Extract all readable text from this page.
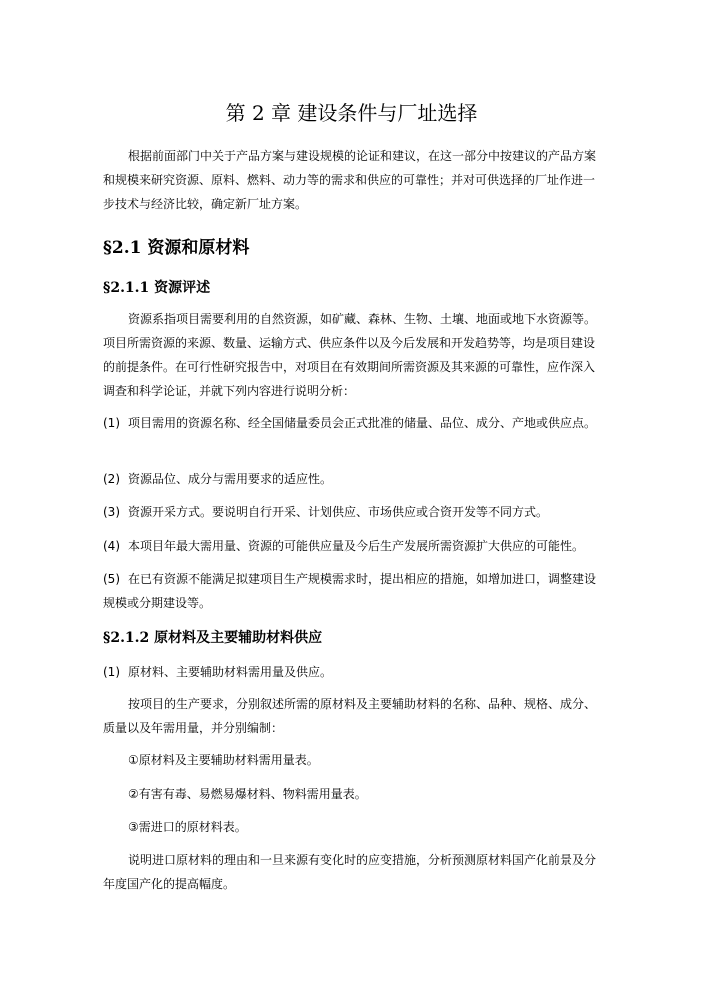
第 2 章 建设条件与厂址选择
根据前面部门中关于产品方案与建设规模的论证和建议，在这一部分中按建议的产品方案和规模来研究资源、原料、燃料、动力等的需求和供应的可靠性；并对可供选择的厂址作进一步技术与经济比较，确定新厂址方案。
§2.1 资源和原材料
§2.1.1 资源评述
资源系指项目需要利用的自然资源，如矿藏、森林、生物、土壤、地面或地下水资源等。项目所需资源的来源、数量、运输方式、供应条件以及今后发展和开发趋势等，均是项目建设的前提条件。在可行性研究报告中，对项目在有效期间所需资源及其来源的可靠性，应作深入调查和科学论证，并就下列内容进行说明分析：
(1) 项目需用的资源名称、经全国储量委员会正式批准的储量、品位、成分、产地或供应点。
(2) 资源品位、成分与需用要求的适应性。
(3) 资源开采方式。要说明自行开采、计划供应、市场供应或合资开发等不同方式。
(4) 本项目年最大需用量、资源的可能供应量及今后生产发展所需资源扩大供应的可能性。
(5) 在已有资源不能满足拟建项目生产规模需求时，提出相应的措施，如增加进口，调整建设规模或分期建设等。
§2.1.2 原材料及主要辅助材料供应
(1) 原材料、主要辅助材料需用量及供应。
按项目的生产要求，分别叙述所需的原材料及主要辅助材料的名称、品种、规格、成分、质量以及年需用量，并分别编制：
①原材料及主要辅助材料需用量表。
②有害有毒、易燃易爆材料、物料需用量表。
③需进口的原材料表。
说明进口原材料的理由和一旦来源有变化时的应变措施，分析预测原材料国产化前景及分年度国产化的提高幅度。
